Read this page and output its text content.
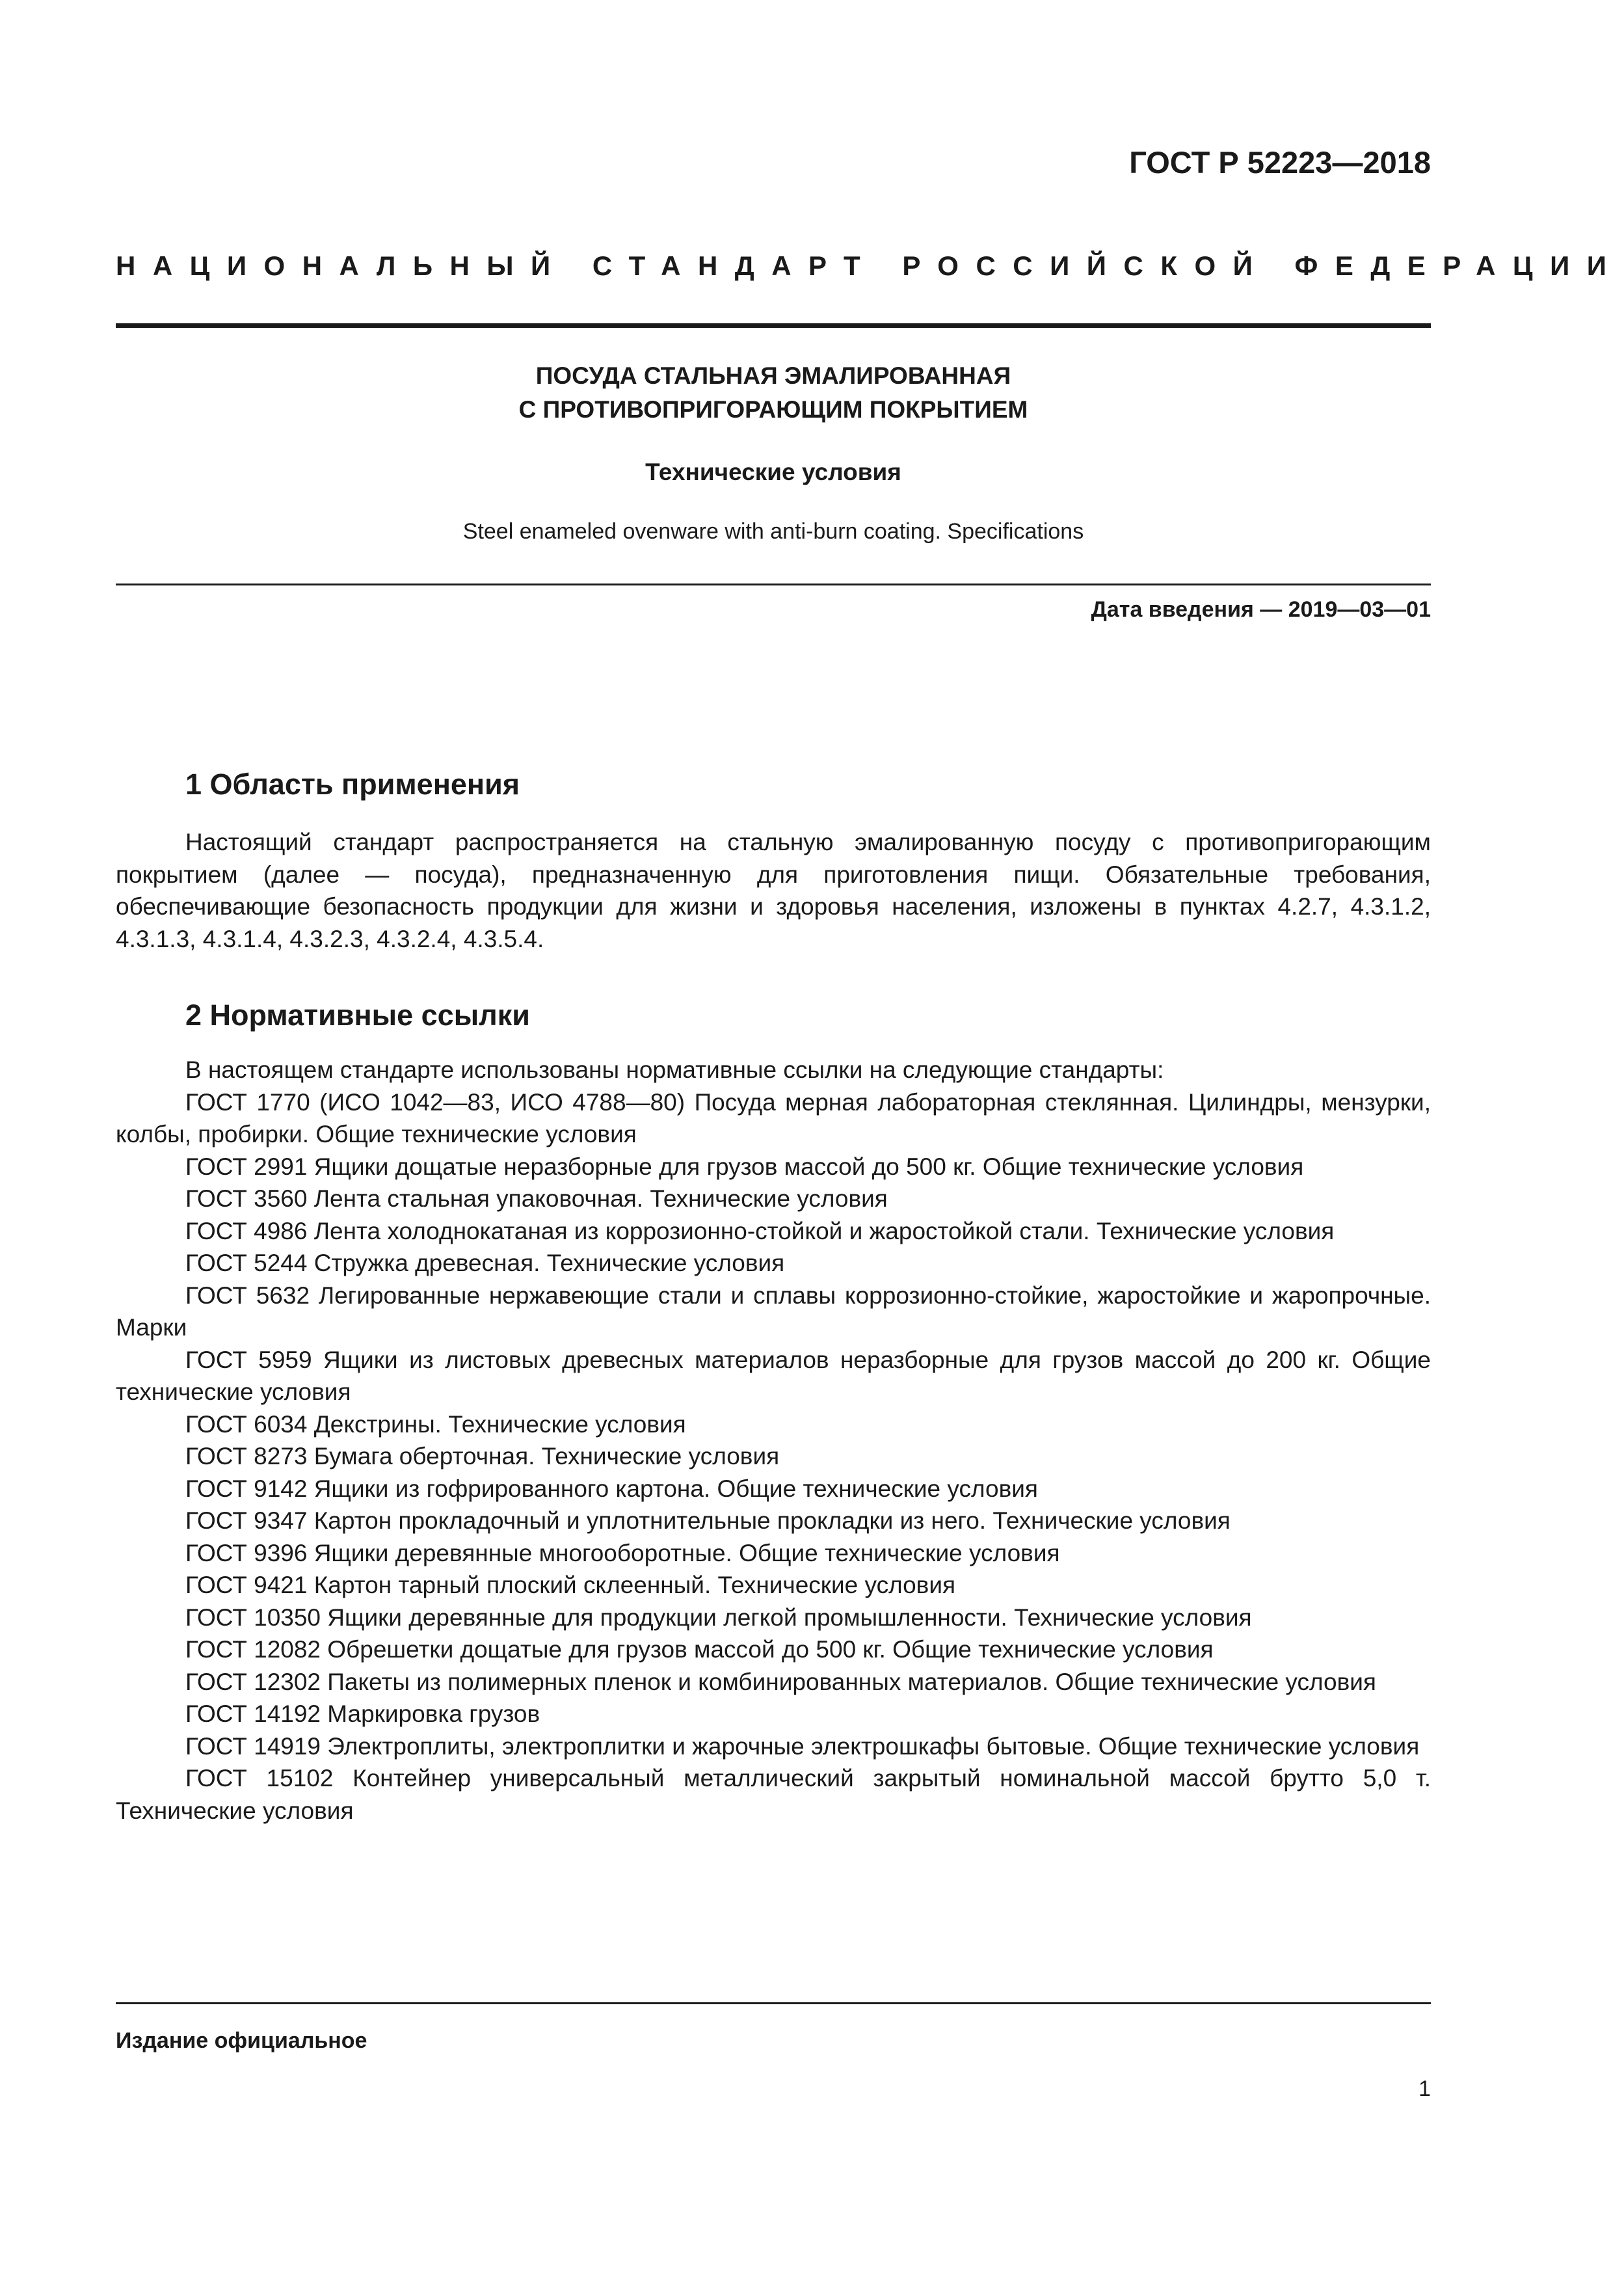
ГОСТ Р 52223—2018
НАЦИОНАЛЬНЫЙ СТАНДАРТ РОССИЙСКОЙ ФЕДЕРАЦИИ
ПОСУДА СТАЛЬНАЯ ЭМАЛИРОВАННАЯ
С ПРОТИВОПРИГОРАЮЩИМ ПОКРЫТИЕМ
Технические условия
Steel enameled ovenware with anti-burn coating. Specifications
Дата введения — 2019—03—01
1 Область применения

Настоящий стандарт распространяется на стальную эмалированную посуду с противопригорающим покрытием (далее — посуда), предназначенную для приготовления пищи. Обязательные требования, обеспечивающие безопасность продукции для жизни и здоровья населения, изложены в пунктах 4.2.7, 4.3.1.2, 4.3.1.3, 4.3.1.4, 4.3.2.3, 4.3.2.4, 4.3.5.4.

2 Нормативные ссылки

В настоящем стандарте использованы нормативные ссылки на следующие стандарты:

ГОСТ 1770 (ИСО 1042—83, ИСО 4788—80) Посуда мерная лабораторная стеклянная. Цилиндры, мензурки, колбы, пробирки. Общие технические условия

ГОСТ 2991 Ящики дощатые неразборные для грузов массой до 500 кг. Общие технические условия

ГОСТ 3560 Лента стальная упаковочная. Технические условия

ГОСТ 4986 Лента холоднокатаная из коррозионно-стойкой и жаростойкой стали. Технические условия

ГОСТ 5244 Стружка древесная. Технические условия

ГОСТ 5632 Легированные нержавеющие стали и сплавы коррозионно-стойкие, жаростойкие и жаропрочные. Марки

ГОСТ 5959 Ящики из листовых древесных материалов неразборные для грузов массой до 200 кг. Общие технические условия

ГОСТ 6034 Декстрины. Технические условия

ГОСТ 8273 Бумага оберточная. Технические условия

ГОСТ 9142 Ящики из гофрированного картона. Общие технические условия

ГОСТ 9347 Картон прокладочный и уплотнительные прокладки из него. Технические условия

ГОСТ 9396 Ящики деревянные многооборотные. Общие технические условия

ГОСТ 9421 Картон тарный плоский склеенный. Технические условия

ГОСТ 10350 Ящики деревянные для продукции легкой промышленности. Технические условия

ГОСТ 12082 Обрешетки дощатые для грузов массой до 500 кг. Общие технические условия

ГОСТ 12302 Пакеты из полимерных пленок и комбинированных материалов. Общие технические условия

ГОСТ 14192 Маркировка грузов

ГОСТ 14919 Электроплиты, электроплитки и жарочные электрошкафы бытовые. Общие технические условия

ГОСТ 15102 Контейнер универсальный металлический закрытый номинальной массой брутто 5,0 т. Технические условия

Издание официальное
1
